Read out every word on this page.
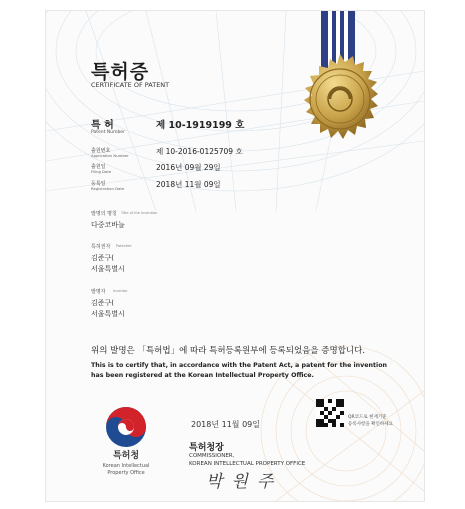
특허증
CERTIFICATE OF PATENT
특 허
Patent Number
제 10-1919199 호
출원번호
Application Number	제 10-2016-0125709 호
출원일
Filing Date	2016년 09월 29일
등록일
Registration Date	2018년 11월 09일
발명의 명칭 Title of the Invention
다중코바늘
특허권자 Patentee
김준구(
서울특별시
발명자 Inventor
김준구(
서울특별시
위의 발명은 「특허법」에 따라 특허등록원부에 등록되었음을 증명합니다.
This is to certify that, in accordance with the Patent Act, a patent for the invention
has been registered at the Korean Intellectual Property Office.
특허청
Korean Intellectual
Property Office
2018년 11월 09일
QR코드로 현재기준
등록사항을 확인하세요
특허청장
COMMISSIONER,
KOREAN INTELLECTUAL PROPERTY OFFICE
박원주
